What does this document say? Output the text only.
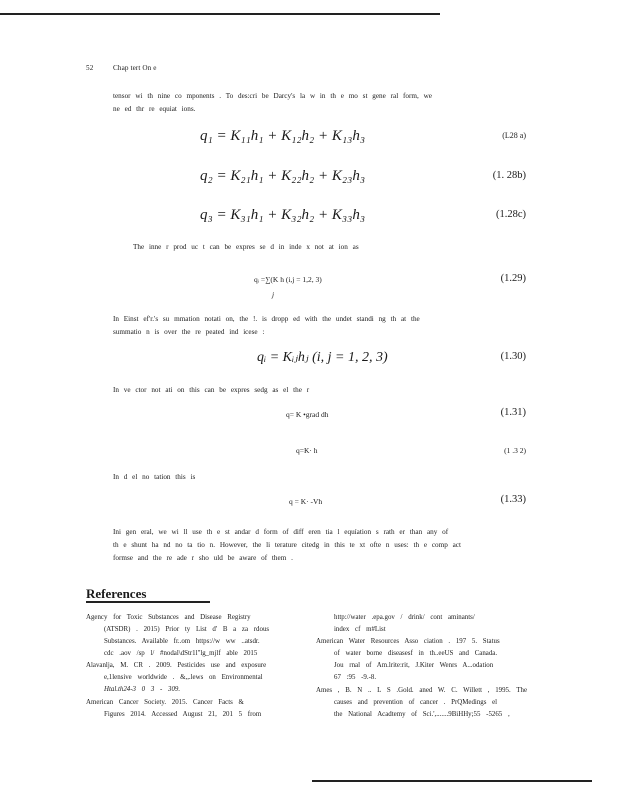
52	Chap tert On e
tensor wi th nine co mponents . To des:cri be Darcy's la w in th e mo st gene ral form, we
ne ed thr re equiat ions.
q₁ = K₁₁h₁ + K₁₂h₂ + K₁₃h₃	(L28 a)
q₂ = K₂₁h₁ + K₂₂h₂ + K₂₃h₃	(1. 28b)
q₃ = K₃₁h₁ + K₃₂h₂ + K₃₃h₃	(1.28c)
The inne r prod uc t can be expres se d in inde x not at ion as
qᵢ =∑(K h (i,j = 1,2, 3)
j
(1.29)
In Einst ef'r.'s su mmation notati on, the !. is dropp ed with the undet standi ng th at the
summatio n is over the re peated ind icese :
qᵢ = Kᵢⱼhⱼ (i, j = 1, 2, 3)	(1.30)
In ve ctor not ati on this can be expres sedg as el the r
q= K •grad dh	(1.31)
q=K· h	(1 .3 2)
In d el no tation this is
q = K· -Vh	(1.33)
Ini gen eral, we wi ll use th e st andar d form of diff eren tia l equíation s rath er than any of
th e shunt ha nd no ta tio n. However, the li terature citedg in this te xt ofte n uses: th e comp act
formse and the re ade r sho uld be aware of them .
References
Agency for Toxic Substances and Disease Registry
(ATSDR) . 2015) Prior ty List d' B a za rdous
Substances. Available fr..om https://w ww ..atsdr.
cdc .aov /sp l/ #nodal\dStr1l"lg_mjlf able 2015
Alavanlja, M. CR . 2009. Pesticides use and exposure
e,1lensive worldwide . &,,.lews on Environmental
Htal.th24-3 0 3 - 309.
American Cancer Society. 2015. Cancer Facts &
Figures 2014. Accessed August 21, 201 5 from
http://water .epa.gov / drink/ cont aminants/
index cf m#List
American Water Resources Asso ciation . 197 5. Status
of water borne diseasesf in th..eeUS and Canada.
Jou rnal of Am.lrite:rit, J.Kiter Wenrs A...odation
67 :95 -9.-8.
Ames , B. N .. L S .Gold. aned W. C. Willett , 1995. The
causes and prevention of cancer . PrQMedings el
the National Acadtemy of Sci.',.......9BiHHy;55 -5265 ,
